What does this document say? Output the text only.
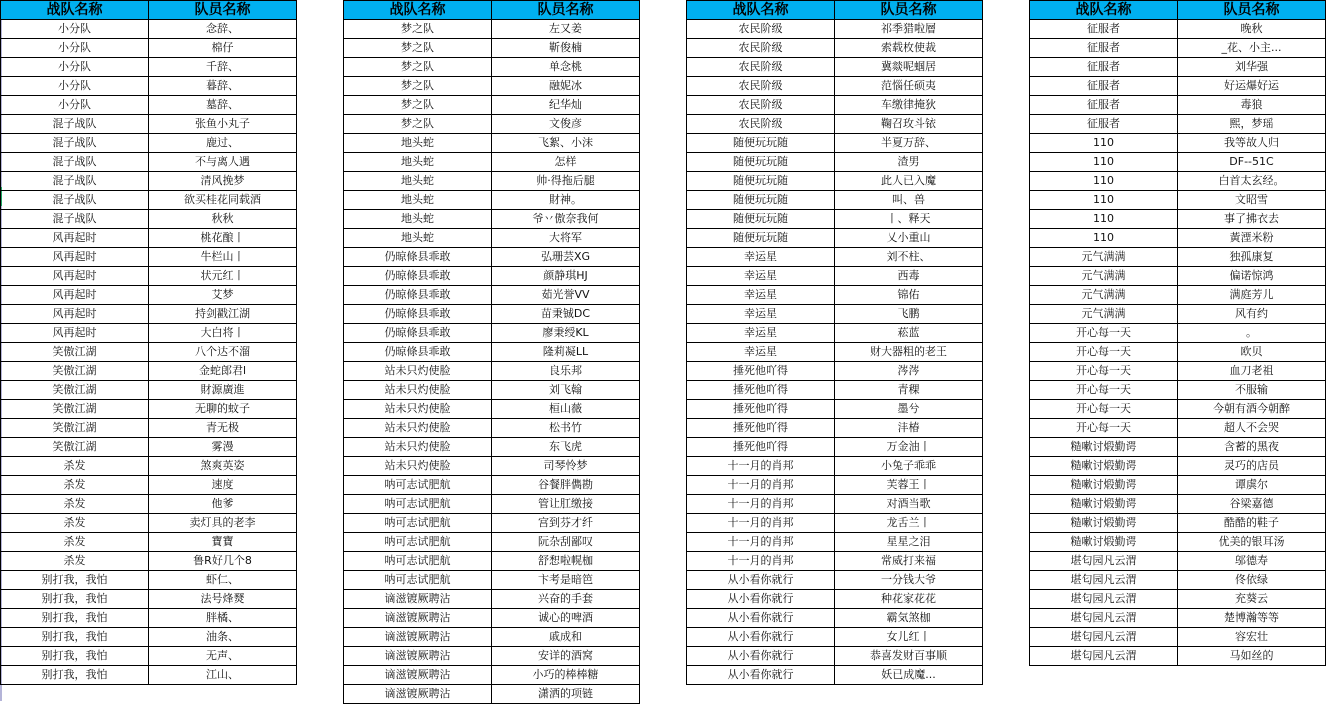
战队名称	队员名称
小分队	念辞、
小分队	棉仔
小分队	千辞、
小分队	暮辞、
小分队	墓辞、
混子战队	张鱼小丸子
混子战队	鹿过、
混子战队	不与离人遇
混子战队	清风挽梦
混子战队	欲买桂花同载酒
混子战队	秋秋
风再起时	桃花酿丨
风再起时	牛栏山丨
风再起时	状元红丨
风再起时	艾梦
风再起时	持剑戳江湖
风再起时	大白将丨
笑傲江湖	八个达不溜
笑傲江湖	金蛇郎君l
笑傲江湖	財源廣進
笑傲江湖	无聊的蚊子
笑傲江湖	青无极
笑傲江湖	雾漫
杀发	煞爽英姿
杀发	速度
杀发	他爹
杀发	卖灯具的老李
杀发	寶寶
杀发	鲁R好几个8
别打我，我怕	虾仁、
别打我，我怕	法号烽燹
别打我，我怕	胖橘、
别打我，我怕	油条、
别打我，我怕	无声、
别打我，我怕	江山、
战队名称	队员名称
梦之队	左又姜
梦之队	靳俊楠
梦之队	单念桃
梦之队	融妮冰
梦之队	纪华灿
梦之队	文俊彦
地头蛇	飞絮、小沫
地头蛇	怎样
地头蛇	帅·得拖后腿
地头蛇	財神。
地头蛇	爷丷傲奈我何
地头蛇	大将军
仍晾條县乖敢	弘珊芸XG
仍晾條县乖敢	颜静琪HJ
仍晾條县乖敢	茹光誉VV
仍晾條县乖敢	苗秉铖DC
仍晾條县乖敢	廖秉绶KL
仍晾條县乖敢	隆莉凝LL
站未只灼使脸	良乐邦
站未只灼使脸	刘飞翰
站未只灼使脸	桓山薇
站未只灼使脸	松书竹
站未只灼使脸	东飞虎
站未只灼使脸	司琴怜梦
呐可志试肥航	谷餐胖儁勘
呐可志试肥航	管让肛缴接
呐可志试肥航	宫到芬才纤
呐可志试肥航	阮杂刮鄙叹
呐可志试肥航	舒惒啦幌枷
呐可志试肥航	卞考是暗笆
谪滋镀厥聘沾	兴奋的手套
谪滋镀厥聘沾	诚心的啤酒
谪滋镀厥聘沾	戚成和
谪滋镀厥聘沾	安详的酒窝
谪滋镀厥聘沾	小巧的棒棒糖
谪滋镀厥聘沾	潇洒的项链
战队名称	队员名称
农民阶级	祁季猎啦層
农民阶级	索载枚使裁
农民阶级	冀燚呢蝈居
农民阶级	范惱任硕夷
农民阶级	车缴律掩狄
农民阶级	鞠召玫斗铱
随便玩玩随	半夏万辞、
随便玩玩随	渣男
随便玩玩随	此人已入魔
随便玩玩随	叫、兽
随便玩玩随	丨、释天
随便玩玩随	乂小重山
幸运星	刘不柱、
幸运星	西毒
幸运星	锦佑
幸运星	飞鹏
幸运星	菘蓝
幸运星	财大器粗的老王
捶死他吖得	涔涔
捶死他吖得	青稞
捶死他吖得	墨兮
捶死他吖得	沣椿
捶死他吖得	万金油丨
十一月的肖邦	小兔子乖乖
十一月的肖邦	芙蓉王丨
十一月的肖邦	对酒当歌
十一月的肖邦	龙舌兰丨
十一月的肖邦	星星之泪
十一月的肖邦	常威打来福
从小看你就行	一分钱大爷
从小看你就行	种花家花花
从小看你就行	霸気煞枷
从小看你就行	女儿红丨
从小看你就行	恭喜发财百事顺
从小看你就行	妖已成魔...
战队名称	队员名称
征服者	晚秋
征服者	_花、小主...
征服者	刘华强
征服者	好运爆好运
征服者	毒狼
征服者	熙，梦瑶
110	我等故人归
110	DF--51C
110	白首太玄经。
110	文昭雪
110	事了拂衣去
110	黃湮米粉
元气满满	独孤康复
元气满满	偏诺惊鸿
元气满满	满庭芳儿
元气满满	风有约
开心每一天	。
开心每一天	欧贝
开心每一天	血刀老祖
开心每一天	不服输
开心每一天	今朝有酒今朝醉
开心每一天	超人不会哭
糙嗽讨煅勤谔	含蓄的黑夜
糙嗽讨煅勤谔	灵巧的店员
糙嗽讨煅勤谔	谭虡尔
糙嗽讨煅勤谔	谷梁嘉德
糙嗽讨煅勤谔	酷酷的鞋子
糙嗽讨煅勤谔	优美的银耳汤
堪匂园凡云渭	邬德寿
堪匂园凡云渭	佟依绿
堪匂园凡云渭	充葵云
堪匂园凡云渭	楚博瀚等等
堪匂园凡云渭	容宏壮
堪匂园凡云渭	马如丝的
